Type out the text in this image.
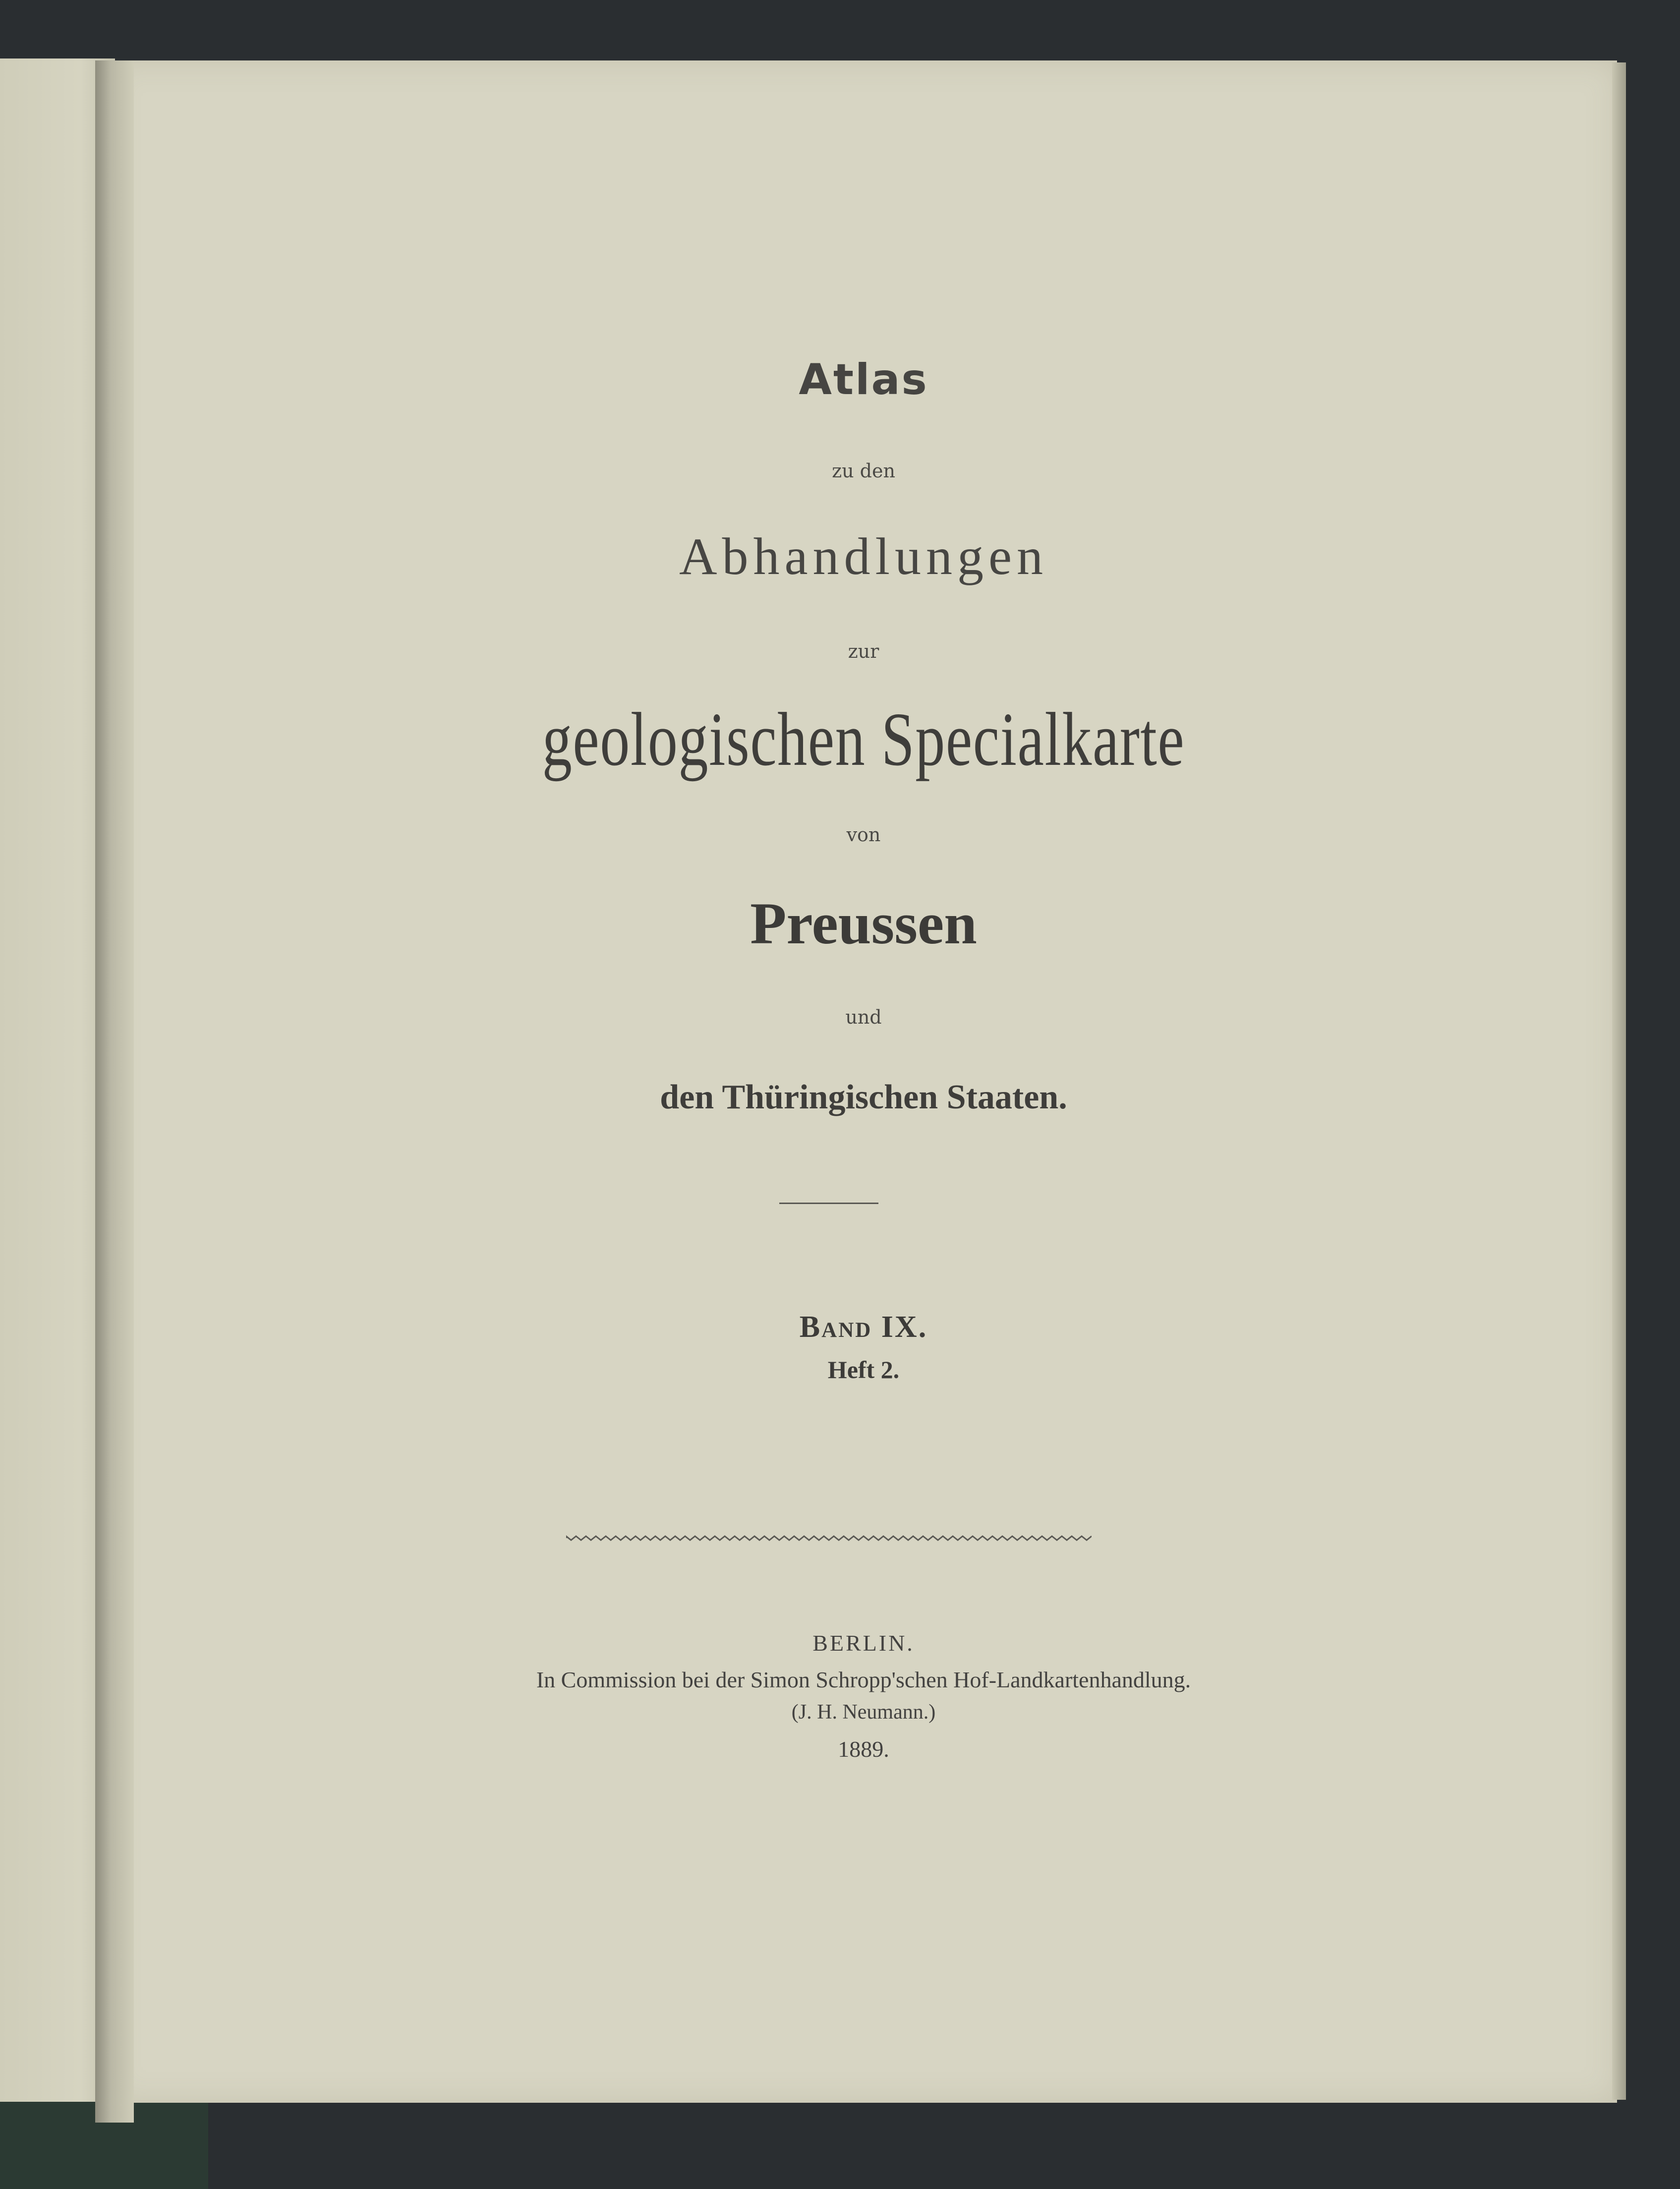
Atlas
zu den
Abhandlungen
zur
geologischen Specialkarte
von
Preussen
und
den Thüringischen Staaten.
Band IX.
Heft 2.
BERLIN.
In Commission bei der Simon Schropp'schen Hof-Landkartenhandlung.
(J. H. Neumann.)
1889.
